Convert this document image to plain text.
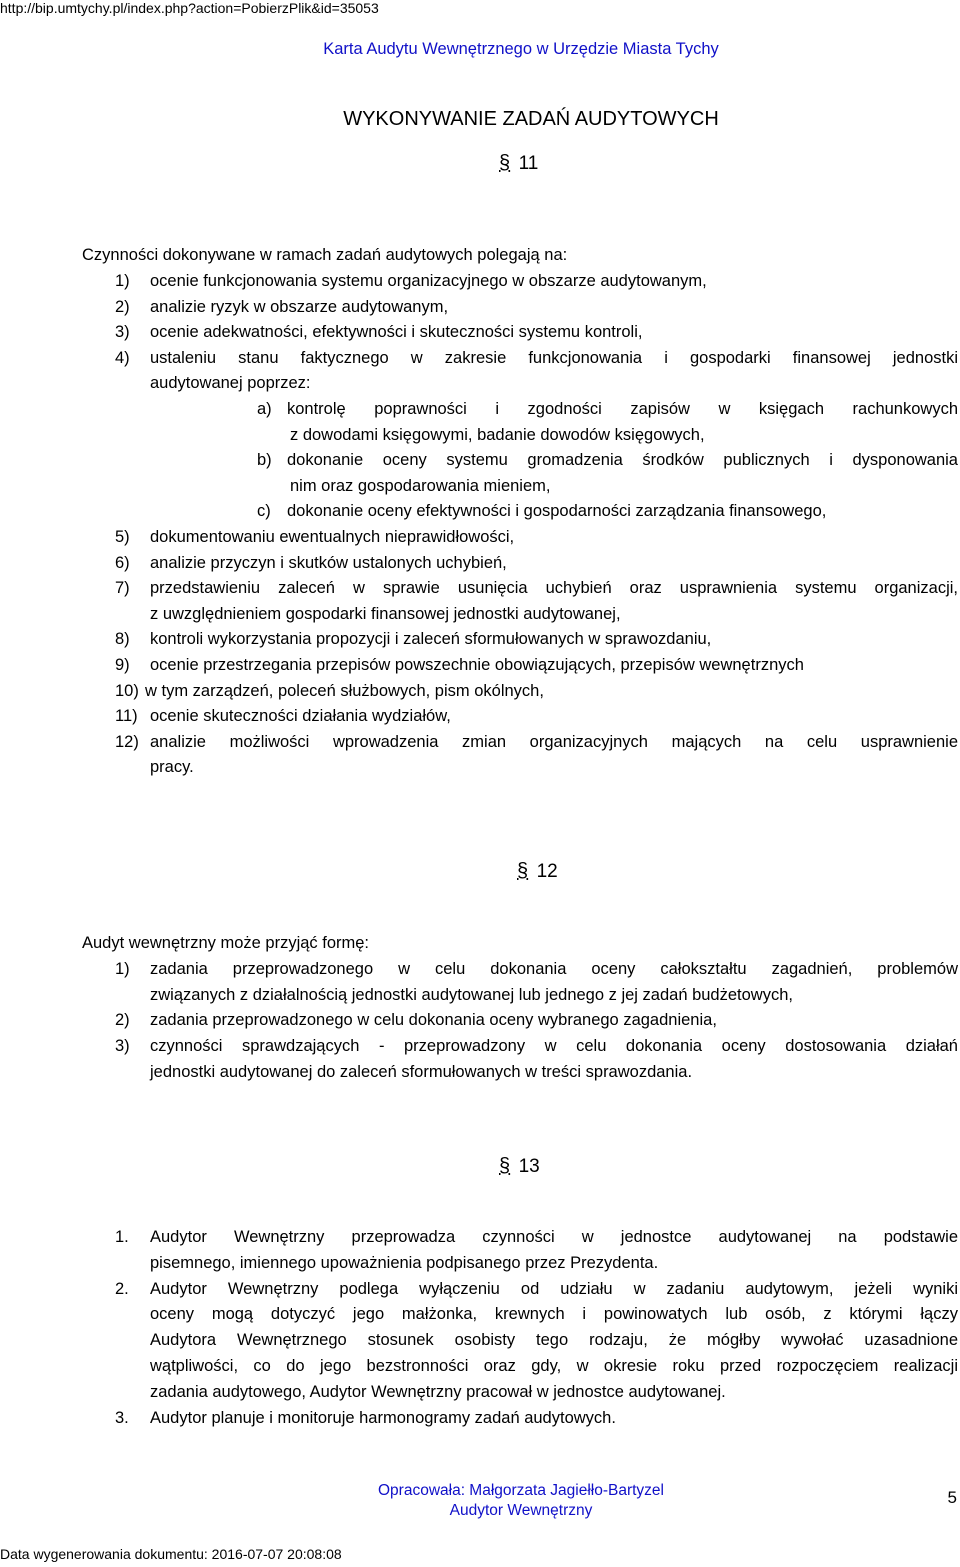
http://bip.umtychy.pl/index.php?action=PobierzPlik&id=35053
Karta Audytu Wewnętrznego w Urzędzie Miasta Tychy
WYKONYWANIE ZADAŃ AUDYTOWYCH
§ 11
Czynności dokonywane w ramach zadań audytowych polegają na:
1) ocenie funkcjonowania systemu organizacyjnego w obszarze audytowanym,
2) analizie ryzyk w obszarze audytowanym,
3) ocenie adekwatności, efektywności i skuteczności systemu kontroli,
4) ustaleniu stanu faktycznego w zakresie funkcjonowania i gospodarki finansowej jednostki
audytowanej poprzez:
a) kontrolę poprawności i zgodności zapisów w księgach rachunkowych
z dowodami księgowymi, badanie dowodów księgowych,
b) dokonanie oceny systemu gromadzenia środków publicznych i dysponowania
nim oraz gospodarowania mieniem,
c) dokonanie oceny efektywności i gospodarności zarządzania finansowego,
5) dokumentowaniu ewentualnych nieprawidłowości,
6) analizie przyczyn i skutków ustalonych uchybień,
7) przedstawieniu zaleceń w sprawie usunięcia uchybień oraz usprawnienia systemu organizacji,
z uwzględnieniem gospodarki finansowej jednostki audytowanej,
8) kontroli wykorzystania propozycji i zaleceń sformułowanych w sprawozdaniu,
9) ocenie przestrzegania przepisów powszechnie obowiązujących, przepisów wewnętrznych
10) w tym zarządzeń, poleceń służbowych, pism okólnych,
11) ocenie skuteczności działania wydziałów,
12) analizie możliwości wprowadzenia zmian organizacyjnych mających na celu usprawnienie
pracy.
§ 12
Audyt wewnętrzny może przyjąć formę:
1) zadania przeprowadzonego w celu dokonania oceny całokształtu zagadnień, problemów
związanych z działalnością jednostki audytowanej lub jednego z jej zadań budżetowych,
2) zadania przeprowadzonego w celu dokonania oceny wybranego zagadnienia,
3) czynności sprawdzających - przeprowadzony w celu dokonania oceny dostosowania działań
jednostki audytowanej do zaleceń sformułowanych w treści sprawozdania.
§ 13
1. Audytor Wewnętrzny przeprowadza czynności w jednostce audytowanej na podstawie
pisemnego, imiennego upoważnienia podpisanego przez Prezydenta.
2. Audytor Wewnętrzny podlega wyłączeniu od udziału w zadaniu audytowym, jeżeli wyniki
oceny mogą dotyczyć jego małżonka, krewnych i powinowatych lub osób, z którymi łączy
Audytora Wewnętrznego stosunek osobisty tego rodzaju, że mógłby wywołać uzasadnione
wątpliwości, co do jego bezstronności oraz gdy, w okresie roku przed rozpoczęciem realizacji
zadania audytowego, Audytor Wewnętrzny pracował w jednostce audytowanej.
3. Audytor planuje i monitoruje harmonogramy zadań audytowych.
Opracowała: Małgorzata Jagiełło-Bartyzel
Audytor Wewnętrzny
5
Data wygenerowania dokumentu: 2016-07-07 20:08:08
